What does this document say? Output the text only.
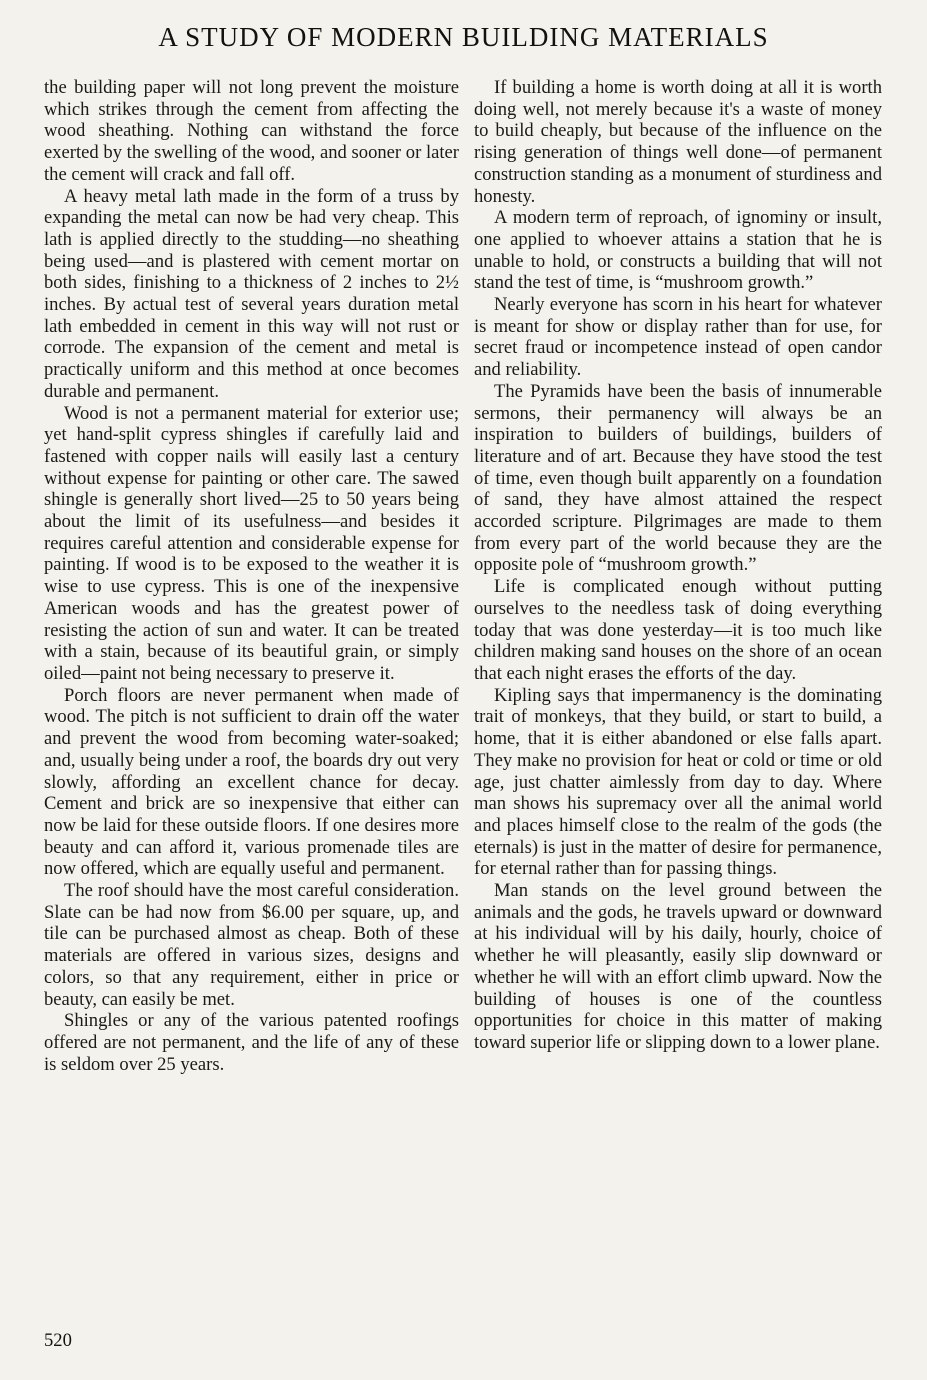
A STUDY OF MODERN BUILDING MATERIALS

the building paper will not long prevent the moisture which strikes through the cement from affecting the wood sheathing. Nothing can withstand the force exerted by the swelling of the wood, and sooner or later the cement will crack and fall off.

A heavy metal lath made in the form of a truss by expanding the metal can now be had very cheap. This lath is applied directly to the studding—no sheathing being used—and is plastered with cement mortar on both sides, finishing to a thickness of 2 inches to 2½ inches. By actual test of several years duration metal lath embedded in cement in this way will not rust or corrode. The expansion of the cement and metal is practically uniform and this method at once becomes durable and permanent.

Wood is not a permanent material for exterior use; yet hand-split cypress shingles if carefully laid and fastened with copper nails will easily last a century without expense for painting or other care. The sawed shingle is generally short lived—25 to 50 years being about the limit of its usefulness—and besides it requires careful attention and considerable expense for painting. If wood is to be exposed to the weather it is wise to use cypress. This is one of the inexpensive American woods and has the greatest power of resisting the action of sun and water. It can be treated with a stain, because of its beautiful grain, or simply oiled—paint not being necessary to preserve it.

Porch floors are never permanent when made of wood. The pitch is not sufficient to drain off the water and prevent the wood from becoming water-soaked; and, usually being under a roof, the boards dry out very slowly, affording an excellent chance for decay. Cement and brick are so inexpensive that either can now be laid for these outside floors. If one desires more beauty and can afford it, various promenade tiles are now offered, which are equally useful and permanent.

The roof should have the most careful consideration. Slate can be had now from $6.00 per square, up, and tile can be purchased almost as cheap. Both of these materials are offered in various sizes, designs and colors, so that any requirement, either in price or beauty, can easily be met.

Shingles or any of the various patented roofings offered are not permanent, and the life of any of these is seldom over 25 years.

If building a home is worth doing at all it is worth doing well, not merely because it's a waste of money to build cheaply, but because of the influence on the rising generation of things well done—of permanent construction standing as a monument of sturdiness and honesty.

A modern term of reproach, of ignominy or insult, one applied to whoever attains a station that he is unable to hold, or constructs a building that will not stand the test of time, is “mushroom growth.”

Nearly everyone has scorn in his heart for whatever is meant for show or display rather than for use, for secret fraud or incompetence instead of open candor and reliability.

The Pyramids have been the basis of innumerable sermons, their permanency will always be an inspiration to builders of buildings, builders of literature and of art. Because they have stood the test of time, even though built apparently on a foundation of sand, they have almost attained the respect accorded scripture. Pilgrimages are made to them from every part of the world because they are the opposite pole of “mushroom growth.”

Life is complicated enough without putting ourselves to the needless task of doing everything today that was done yesterday—it is too much like children making sand houses on the shore of an ocean that each night erases the efforts of the day.

Kipling says that impermanency is the dominating trait of monkeys, that they build, or start to build, a home, that it is either abandoned or else falls apart. They make no provision for heat or cold or time or old age, just chatter aimlessly from day to day. Where man shows his supremacy over all the animal world and places himself close to the realm of the gods (the eternals) is just in the matter of desire for permanence, for eternal rather than for passing things.

Man stands on the level ground between the animals and the gods, he travels upward or downward at his individual will by his daily, hourly, choice of whether he will pleasantly, easily slip downward or whether he will with an effort climb upward. Now the building of houses is one of the countless opportunities for choice in this matter of making toward superior life or slipping down to a lower plane.

520
